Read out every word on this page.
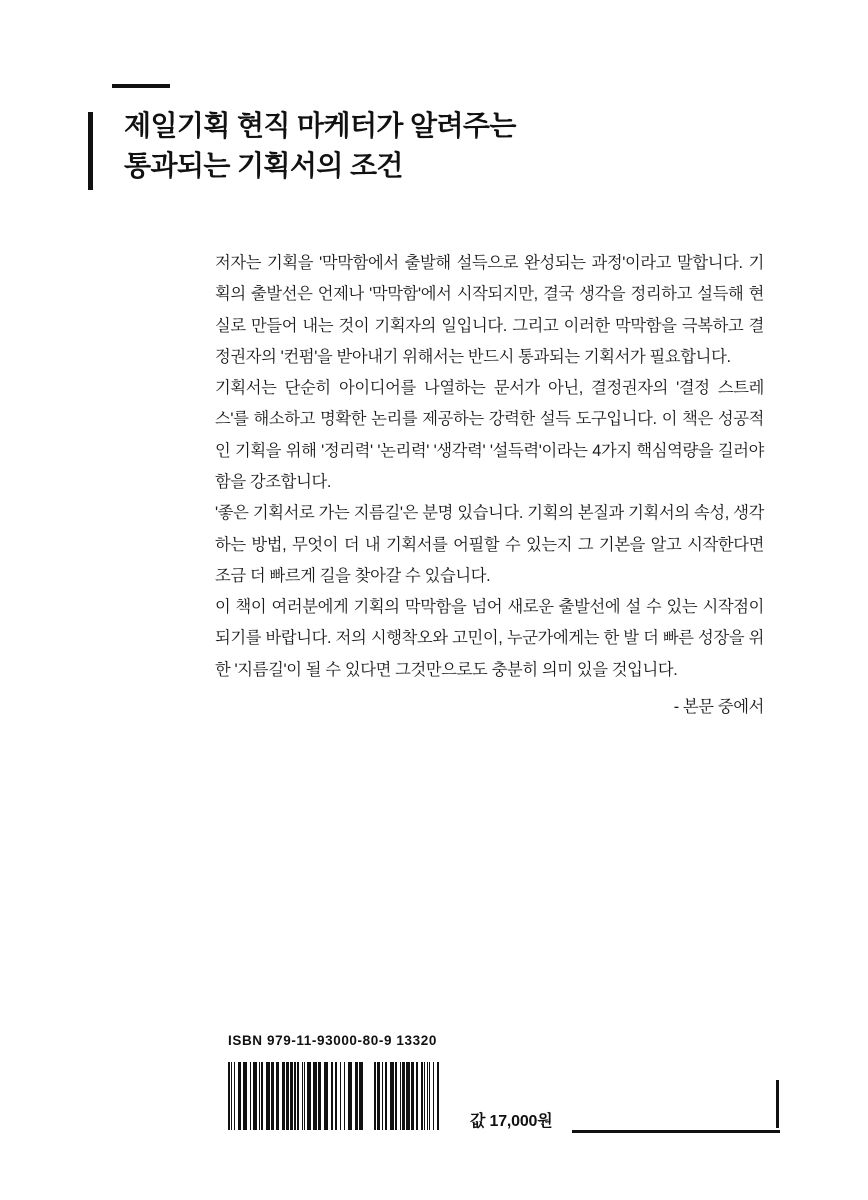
제일기획 현직 마케터가 알려주는
통과되는 기획서의 조건

저자는 기획을 '막막함에서 출발해 설득으로 완성되는 과정'이라고 말합니다. 기획의 출발선은 언제나 '막막함'에서 시작되지만, 결국 생각을 정리하고 설득해 현실로 만들어 내는 것이 기획자의 일입니다. 그리고 이러한 막막함을 극복하고 결정권자의 '컨펌'을 받아내기 위해서는 반드시 통과되는 기획서가 필요합니다.

기획서는 단순히 아이디어를 나열하는 문서가 아닌, 결정권자의 '결정 스트레스'를 해소하고 명확한 논리를 제공하는 강력한 설득 도구입니다. 이 책은 성공적인 기획을 위해 '정리력' '논리력' '생각력' '설득력'이라는 4가지 핵심역량을 길러야 함을 강조합니다.

'좋은 기획서로 가는 지름길'은 분명 있습니다. 기획의 본질과 기획서의 속성, 생각하는 방법, 무엇이 더 내 기획서를 어필할 수 있는지 그 기본을 알고 시작한다면 조금 더 빠르게 길을 찾아갈 수 있습니다.

이 책이 여러분에게 기획의 막막함을 넘어 새로운 출발선에 설 수 있는 시작점이 되기를 바랍니다. 저의 시행착오와 고민이, 누군가에게는 한 발 더 빠른 성장을 위한 '지름길'이 될 수 있다면 그것만으로도 충분히 의미 있을 것입니다.

- 본문 중에서
ISBN 979-11-93000-80-9 13320
값 17,000원
